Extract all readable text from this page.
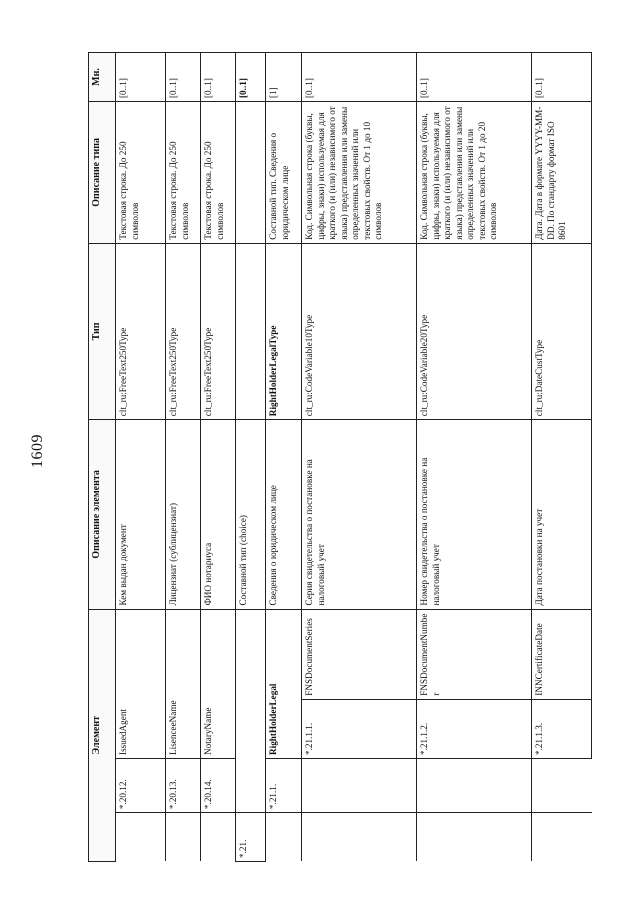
1609
Элемент				Описание элемента	Тип	Описание типа	Мн.
	*.20.12.	IssuedAgent		Кем выдан документ	clt_ru:FreeText250Type	Текстовая строка. До 250 символов	[0..1]
	*.20.13.	LisenceeName		Лицензиат (сублицензиат)	clt_ru:FreeText250Type	Текстовая строка. До 250 символов	[0..1]
	*.20.14.	NotaryName		ФИО нотариуса	clt_ru:FreeText250Type	Текстовая строка. До 250 символов	[0..1]
*.21.				Составной тип (choice)			[0..1]
	*.21.1.	RightHolderLegal		Сведения о юридическом лице	RightHolderLegalType	Составной тип. Сведения о юридическом лице	[1]
		*.21.1.1.	FNSDocumentSeries	Серия свидетельства о постановке на налоговый учет	clt_ru:CodeVariable10Type	Код. Символьная строка (буквы, цифры, знаки) используемая для краткого (и (или) независимого от языка) представления или замены определенных значений или текстовых свойств. От 1 до 10 символов	[0..1]
		*.21.1.2.	FNSDocumentNumber	Номер свидетельства о постановке на налоговый учет	clt_ru:CodeVariable20Type	Код. Символьная строка (буквы, цифры, знаки) используемая для краткого (и (или) независимого от языка) представления или замены определенных значений или текстовых свойств. От 1 до 20 символов	[0..1]
		*.21.1.3.	INNCertificateDate	Дата постановки на учет	clt_ru:DateCustType	Дата. Дата в формате YYYY-MM-DD. По стандарту формат ISO 8601	[0..1]
